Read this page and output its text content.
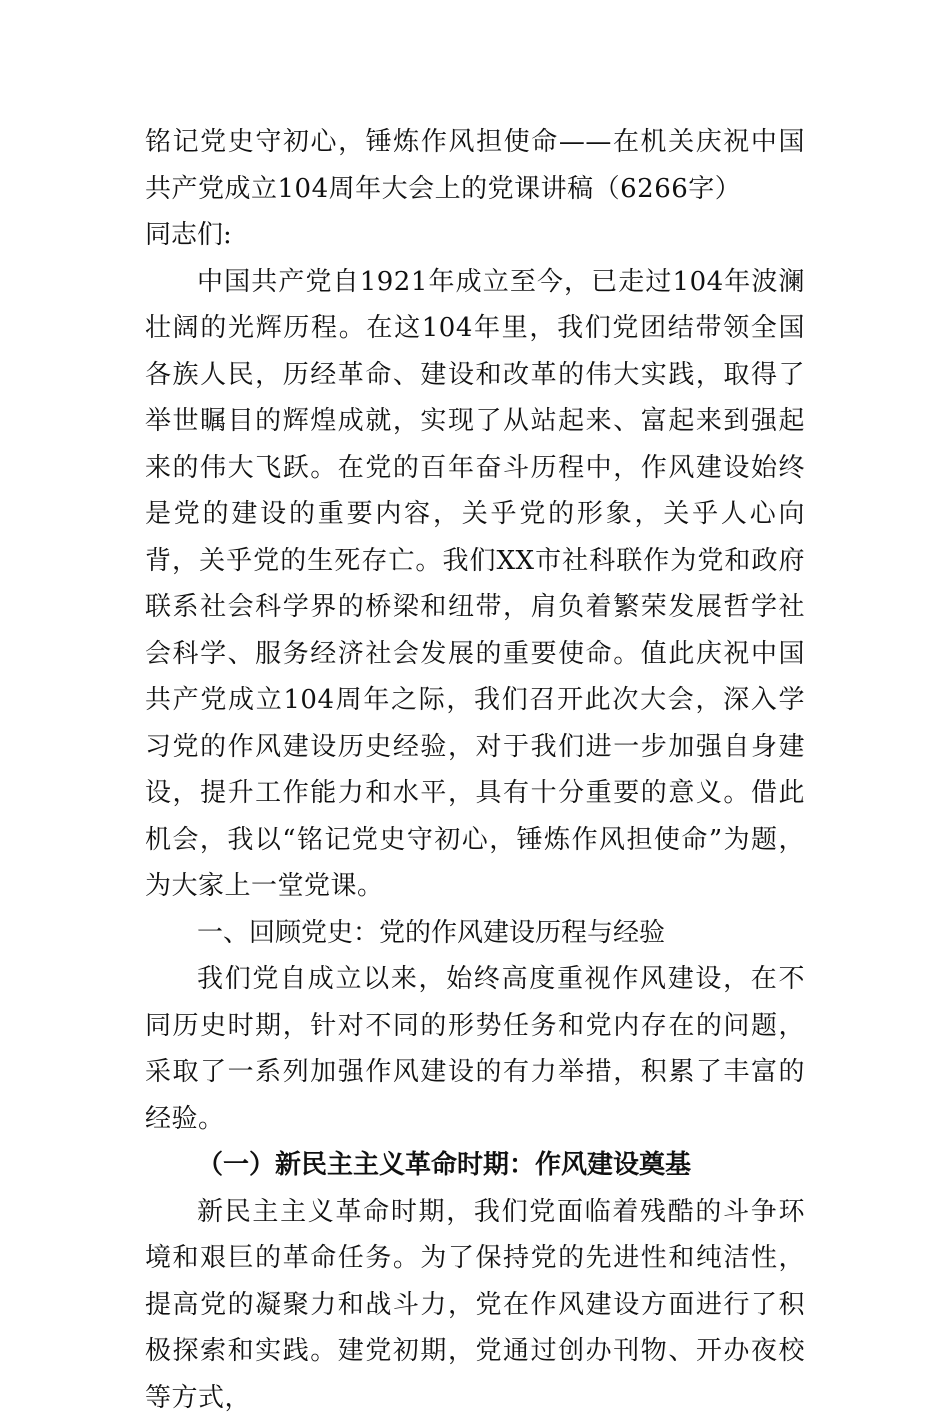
铭记党史守初心，锤炼作风担使命——在机关庆祝中国共产党成立104周年大会上的党课讲稿（6266字）

同志们:

中国共产党自1921年成立至今，已走过104年波澜壮阔的光辉历程。在这104年里，我们党团结带领全国各族人民，历经革命、建设和改革的伟大实践，取得了举世瞩目的辉煌成就，实现了从站起来、富起来到强起来的伟大飞跃。在党的百年奋斗历程中，作风建设始终是党的建设的重要内容，关乎党的形象，关乎人心向背，关乎党的生死存亡。我们XX市社科联作为党和政府联系社会科学界的桥梁和纽带，肩负着繁荣发展哲学社会科学、服务经济社会发展的重要使命。值此庆祝中国共产党成立104周年之际，我们召开此次大会，深入学习党的作风建设历史经验，对于我们进一步加强自身建设，提升工作能力和水平，具有十分重要的意义。借此机会，我以“铭记党史守初心，锤炼作风担使命”为题，为大家上一堂党课。

一、回顾党史：党的作风建设历程与经验

我们党自成立以来，始终高度重视作风建设，在不同历史时期，针对不同的形势任务和党内存在的问题，采取了一系列加强作风建设的有力举措，积累了丰富的经验。

（一）新民主主义革命时期：作风建设奠基

新民主主义革命时期，我们党面临着残酷的斗争环境和艰巨的革命任务。为了保持党的先进性和纯洁性，提高党的凝聚力和战斗力，党在作风建设方面进行了积极探索和实践。建党初期，党通过创办刊物、开办夜校等方式，
